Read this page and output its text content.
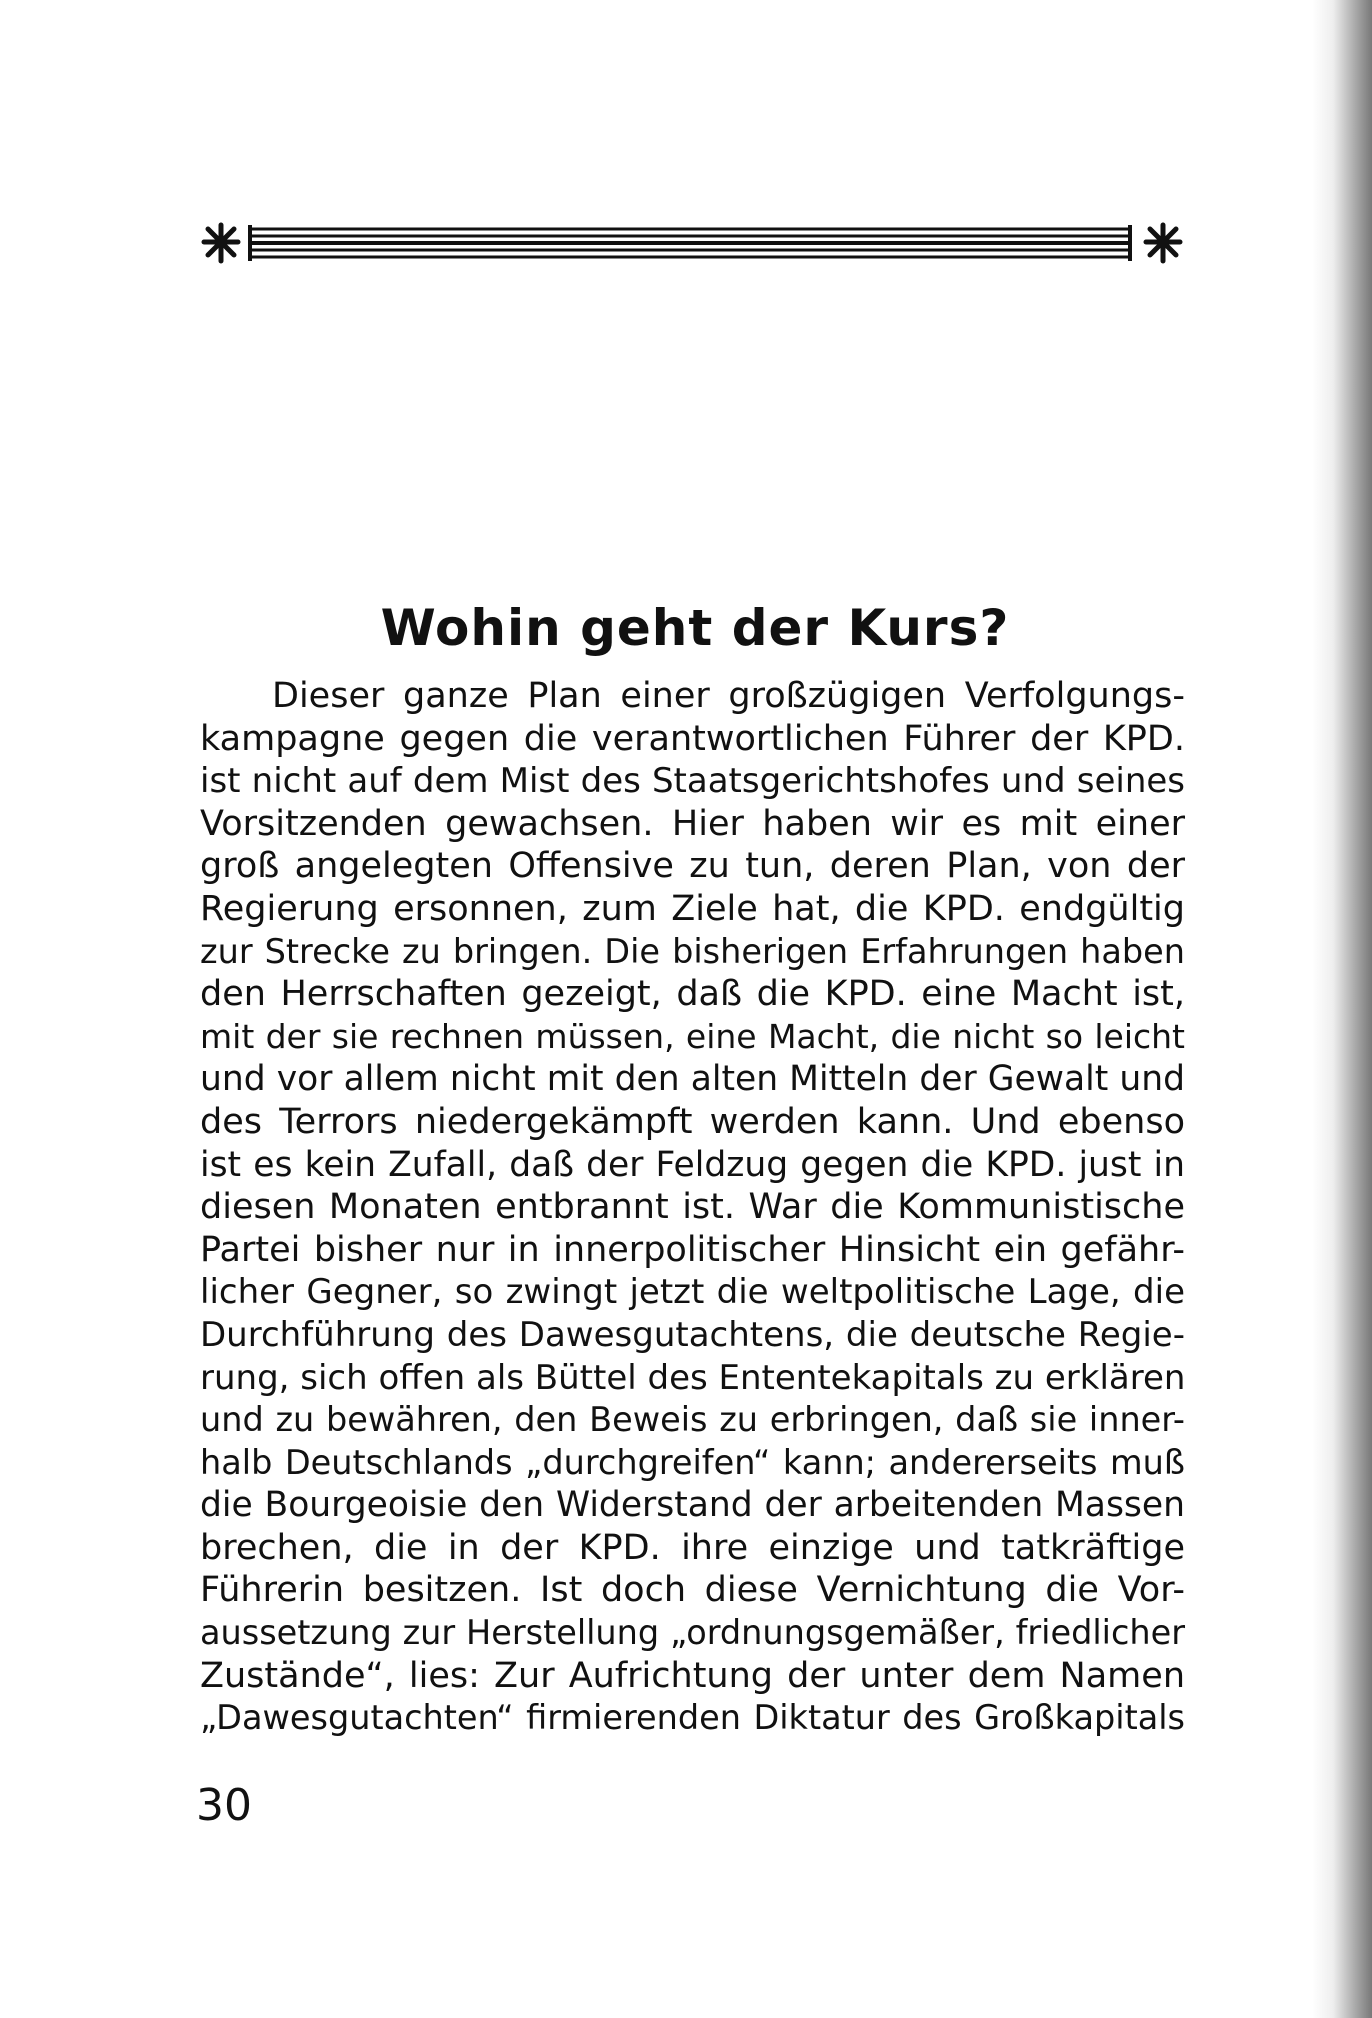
Wohin geht der Kurs?
Dieser ganze Plan einer großzügigen Verfolgungs-
kampagne gegen die verantwortlichen Führer der KPD.
ist nicht auf dem Mist des Staatsgerichtshofes und seines
Vorsitzenden gewachsen. Hier haben wir es mit einer
groß angelegten Offensive zu tun, deren Plan, von der
Regierung ersonnen, zum Ziele hat, die KPD. endgültig
zur Strecke zu bringen. Die bisherigen Erfahrungen haben
den Herrschaften gezeigt, daß die KPD. eine Macht ist,
mit der sie rechnen müssen, eine Macht, die nicht so leicht
und vor allem nicht mit den alten Mitteln der Gewalt und
des Terrors niedergekämpft werden kann. Und ebenso
ist es kein Zufall, daß der Feldzug gegen die KPD. just in
diesen Monaten entbrannt ist. War die Kommunistische
Partei bisher nur in innerpolitischer Hinsicht ein gefähr-
licher Gegner, so zwingt jetzt die weltpolitische Lage, die
Durchführung des Dawesgutachtens, die deutsche Regie-
rung, sich offen als Büttel des Ententekapitals zu erklären
und zu bewähren, den Beweis zu erbringen, daß sie inner-
halb Deutschlands „durchgreifen“ kann; andererseits muß
die Bourgeoisie den Widerstand der arbeitenden Massen
brechen, die in der KPD. ihre einzige und tatkräftige
Führerin besitzen. Ist doch diese Vernichtung die Vor-
aussetzung zur Herstellung „ordnungsgemäßer, friedlicher
Zustände“, lies: Zur Aufrichtung der unter dem Namen
„Dawesgutachten“ firmierenden Diktatur des Großkapitals

30
